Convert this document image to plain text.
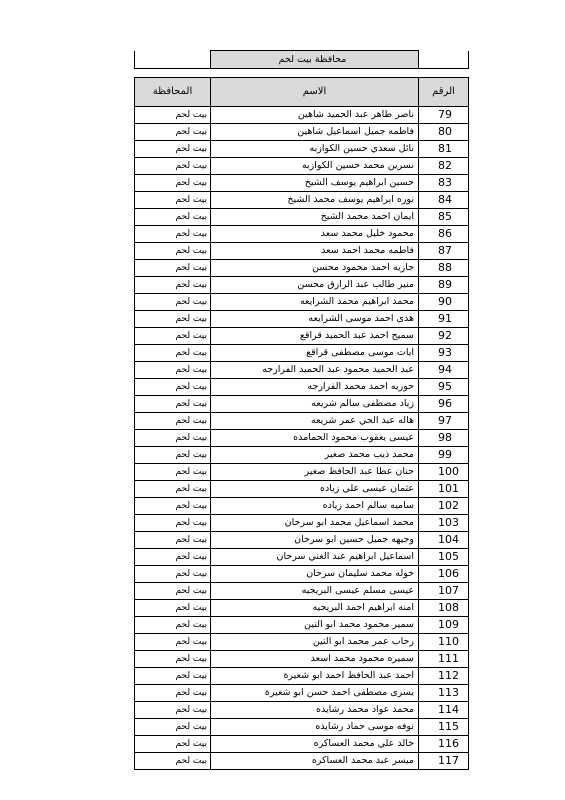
	محافظة بيت لحم	

الرقم	الاسم	المحافظة
79	ناصر طاهر عبد الحميد شاهين	بيت لحم
80	فاطمه جميل اسماعيل شاهين	بيت لحم
81	نائل سعدي حسين الكوازبه	بيت لحم
82	نسرين محمد حسين الكوازبه	بيت لحم
83	حسين ابراهيم يوسف الشيخ	بيت لحم
84	نوره ابراهيم يوسف محمد الشيخ	بيت لحم
85	ايمان احمد محمد الشيخ	بيت لحم
86	محمود خليل محمد سعد	بيت لحم
87	فاطمه محمد احمد سعد	بيت لحم
88	جازيه احمد محمود محسن	بيت لحم
89	منير طالب عبد الرازق محسن	بيت لحم
90	محمد ابراهيم محمد الشرايعه	بيت لحم
91	هدى احمد موسى الشرايعه	بيت لحم
92	سميح احمد عبد الحميد قراقع	بيت لحم
93	ايات موسى مصطفى قراقع	بيت لحم
94	عبد الحميد محمود عبد الحميد الفرارجه	بيت لحم
95	حوريه احمد محمد الفرارجه	بيت لحم
96	زياد مصطفى سالم شريعه	بيت لحم
97	هاله عبد الحي عمر شريعه	بيت لحم
98	عيسى يعقوب محمود الحمامده	بيت لحم
99	محمد ذيب محمد صغير	بيت لحم
100	حنان عطا عبد الحافظ صغير	بيت لحم
101	عثمان عيسى علي زياده	بيت لحم
102	ساميه سالم احمد زياده	بيت لحم
103	محمد اسماعيل محمد ابو سرحان	بيت لحم
104	وجيهه جميل حسين ابو سرحان	بيت لحم
105	اسماعيل ابراهيم عبد الغني سرحان	بيت لحم
106	خوله محمد سليمان سرحان	بيت لحم
107	عيسى مسلم عيسى البريجيه	بيت لحم
108	امنه ابراهيم احمد البريجيه	بيت لحم
109	سمير محمود محمد ابو التين	بيت لحم
110	رحاب عمر محمد ابو التين	بيت لحم
111	سميره محمود محمد اسعد	بيت لحم
112	احمد عبد الحافظ احمد ابو شعيرة	بيت لحم
113	يسرى مصطفى احمد حسن ابو شعيرة	بيت لحم
114	محمد عواد محمد رشايده	بيت لحم
115	نوفه موسى حماد رشايده	بيت لحم
116	خالد علي محمد العساكره	بيت لحم
117	ميسر عبد محمد العساكره	بيت لحم
